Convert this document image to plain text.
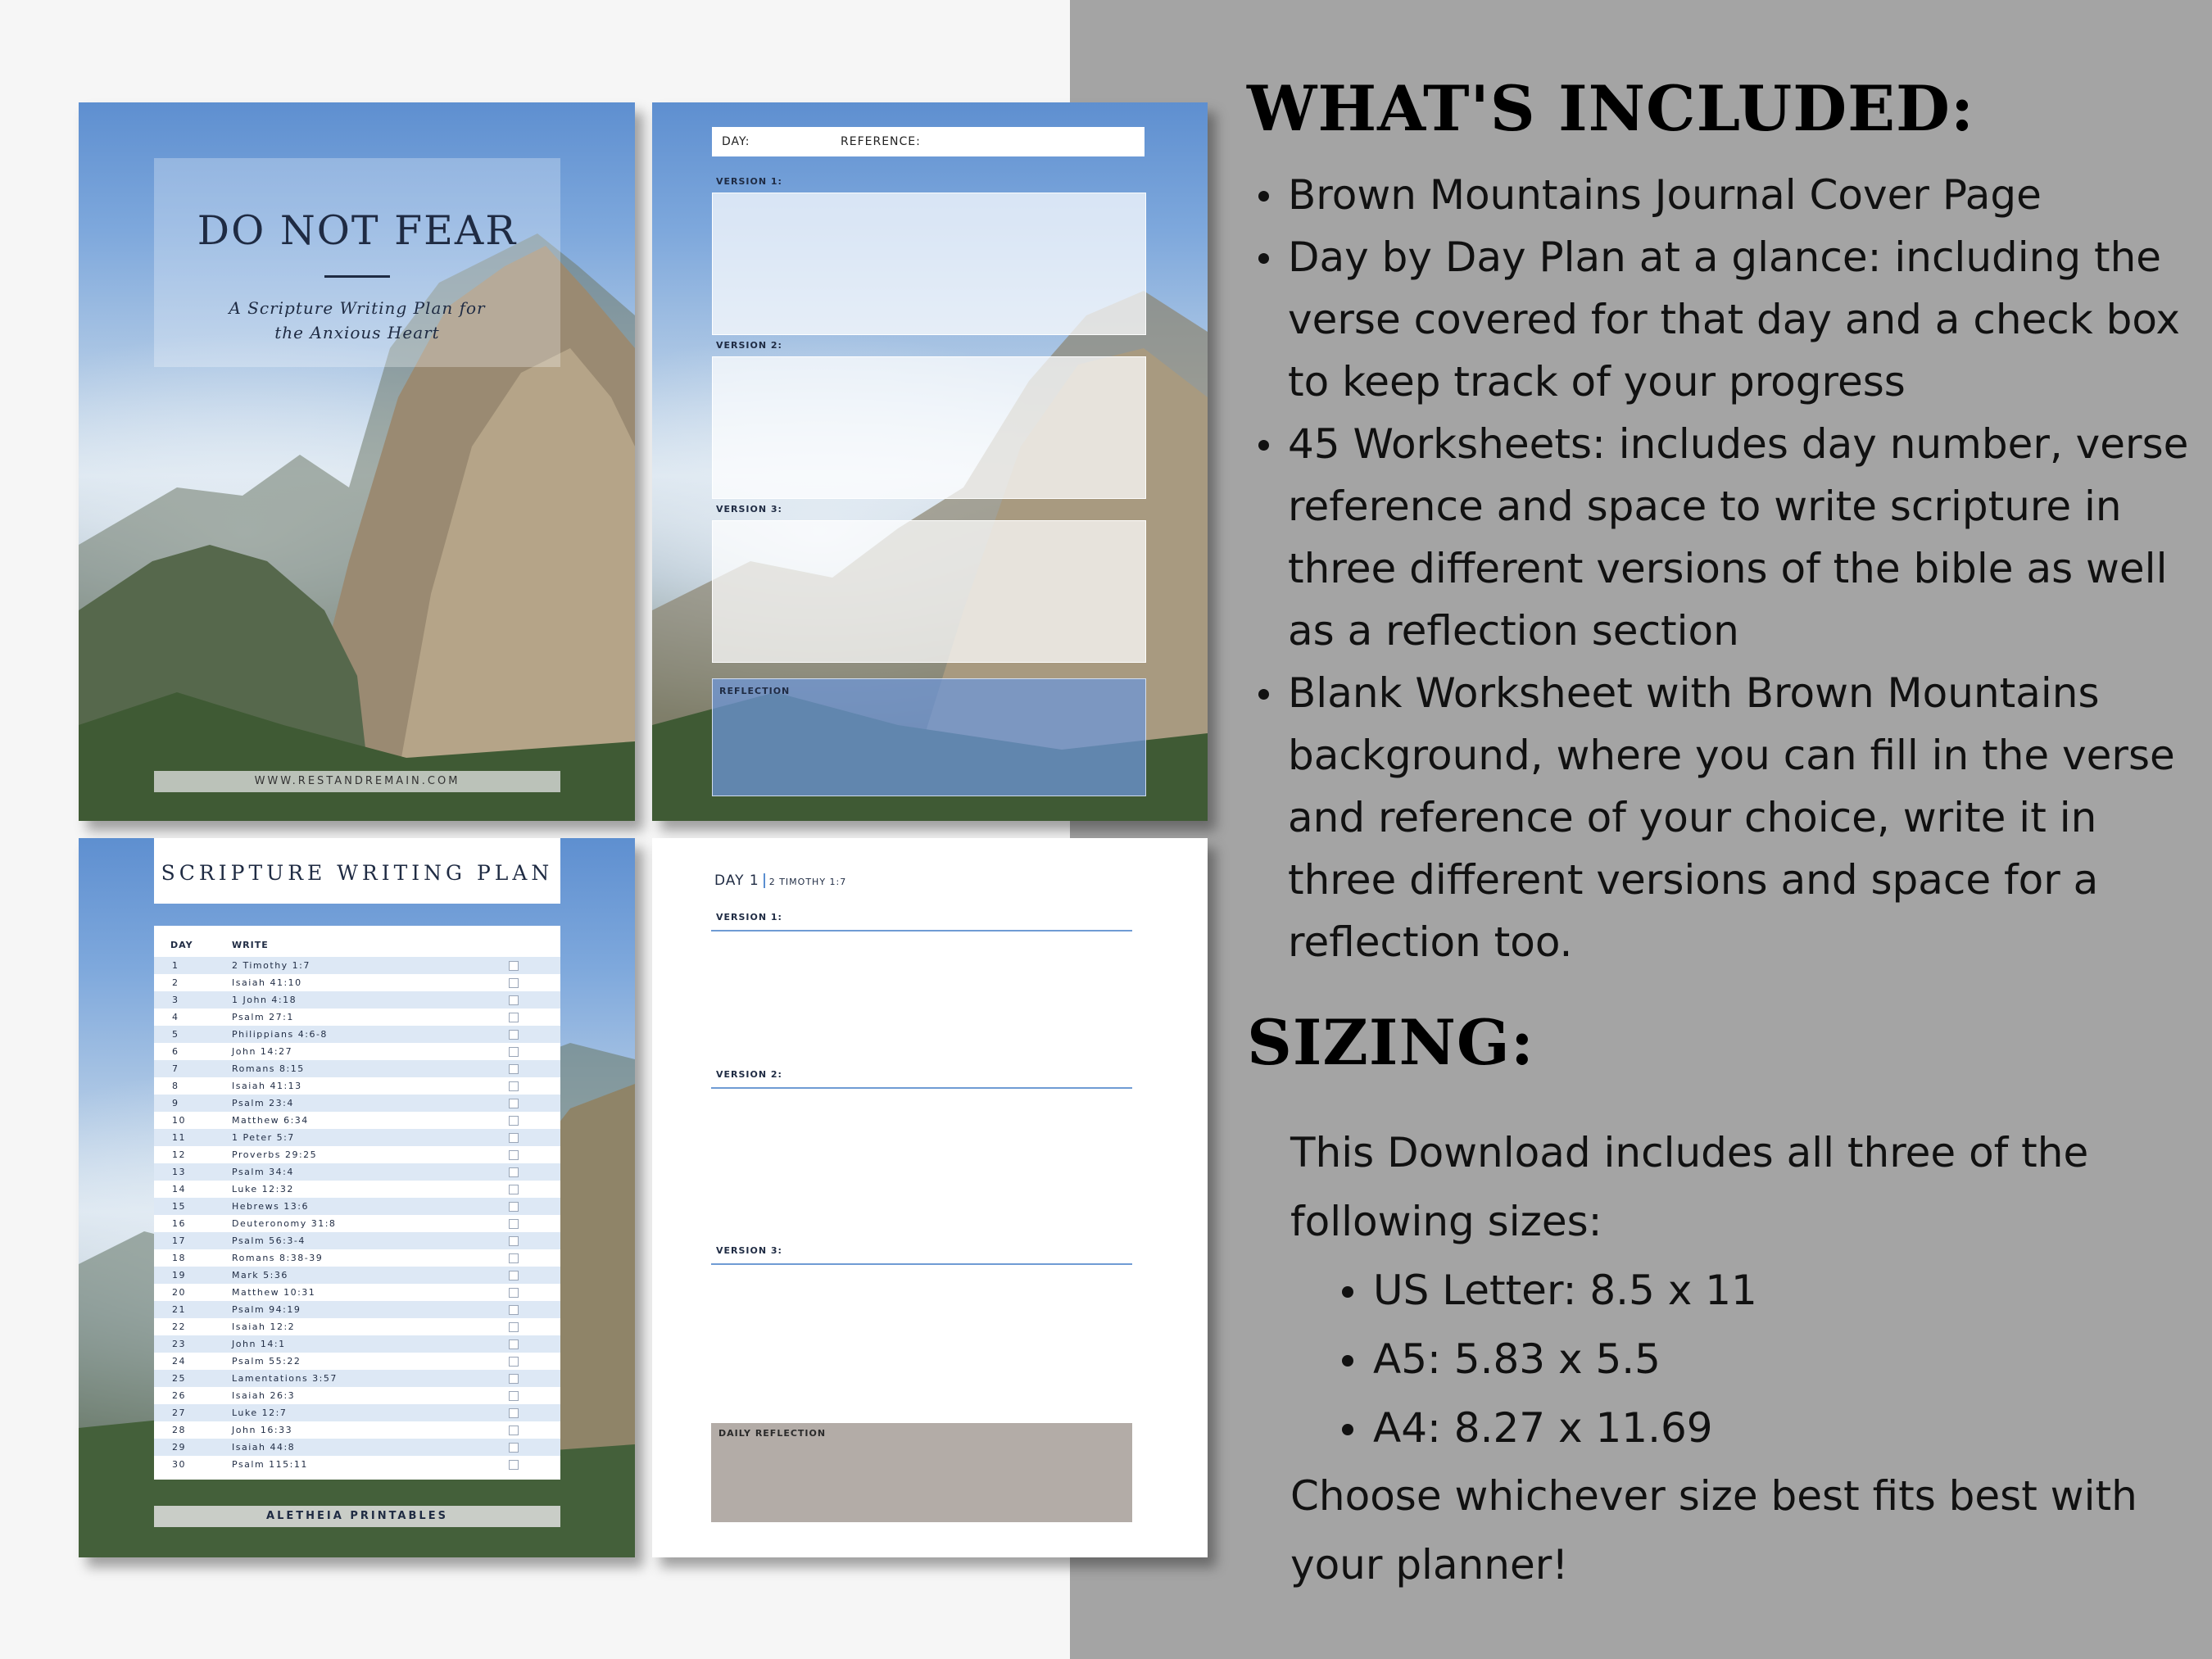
DO NOT FEAR
A Scripture Writing Plan for
the Anxious Heart
WWW.RESTANDREMAIN.COM
DAY:	REFERENCE:
VERSION 1:
VERSION 2:
VERSION 3:
REFLECTION
SCRIPTURE WRITING PLAN
DAY	WRITE
1	2 Timothy 1:7
2	Isaiah 41:10
3	1 John 4:18
4	Psalm 27:1
5	Philippians 4:6-8
6	John 14:27
7	Romans 8:15
8	Isaiah 41:13
9	Psalm 23:4
10	Matthew 6:34
11	1 Peter 5:7
12	Proverbs 29:25
13	Psalm 34:4
14	Luke 12:32
15	Hebrews 13:6
16	Deuteronomy 31:8
17	Psalm 56:3-4
18	Romans 8:38-39
19	Mark 5:36
20	Matthew 10:31
21	Psalm 94:19
22	Isaiah 12:2
23	John 14:1
24	Psalm 55:22
25	Lamentations 3:57
26	Isaiah 26:3
27	Luke 12:7
28	John 16:33
29	Isaiah 44:8
30	Psalm 115:11
ALETHEIA PRINTABLES
DAY 1 2 TIMOTHY 1:7
VERSION 1:
VERSION 2:
VERSION 3:
DAILY REFLECTION
WHAT'S INCLUDED:
Brown Mountains Journal Cover Page
Day by Day Plan at a glance: including the verse covered for that day and a check box to keep track of your progress
45 Worksheets: includes day number, verse reference and space to write scripture in three different versions of the bible as well as a reflection section
Blank Worksheet with Brown Mountains background, where you can fill in the verse and reference of your choice, write it in three different versions and space for a reflection too.
SIZING:
This Download includes all three of the following sizes:
US Letter: 8.5 x 11
A5: 5.83 x 5.5
A4: 8.27 x 11.69
Choose whichever size best fits best with your planner!
